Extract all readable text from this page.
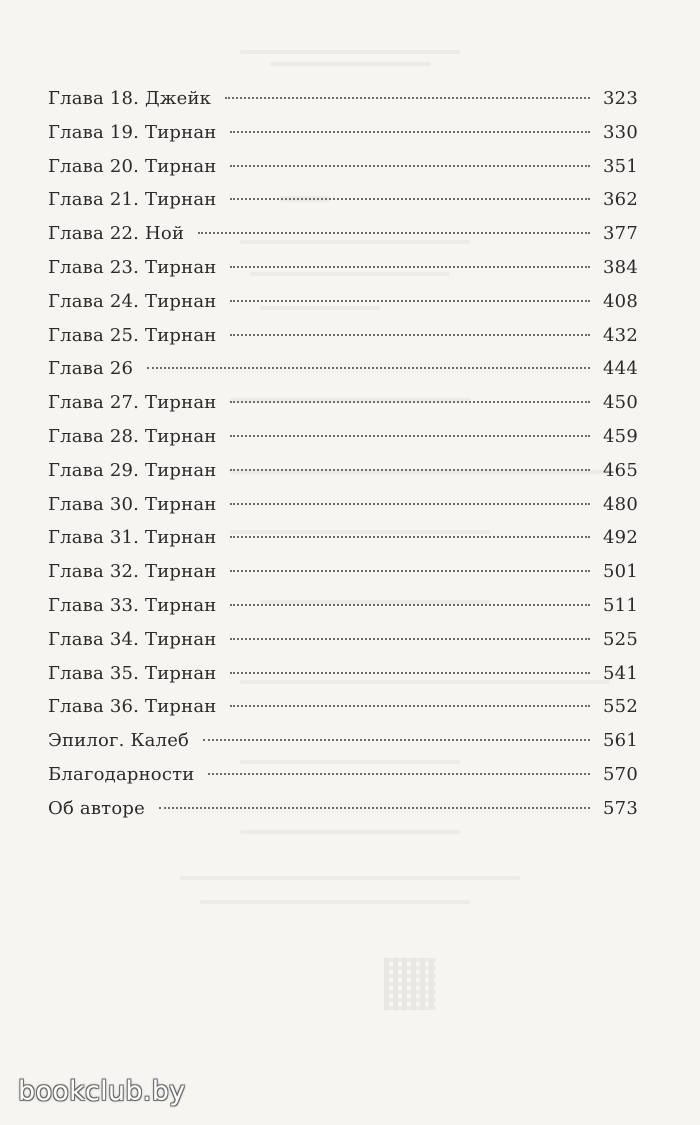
Глава 18. Джейк	323
Глава 19. Тирнан	330
Глава 20. Тирнан	351
Глава 21. Тирнан	362
Глава 22. Ной	377
Глава 23. Тирнан	384
Глава 24. Тирнан	408
Глава 25. Тирнан	432
Глава 26	444
Глава 27. Тирнан	450
Глава 28. Тирнан	459
Глава 29. Тирнан	465
Глава 30. Тирнан	480
Глава 31. Тирнан	492
Глава 32. Тирнан	501
Глава 33. Тирнан	511
Глава 34. Тирнан	525
Глава 35. Тирнан	541
Глава 36. Тирнан	552
Эпилог. Калеб	561
Благодарности	570
Об авторе	573
bookclub.by
